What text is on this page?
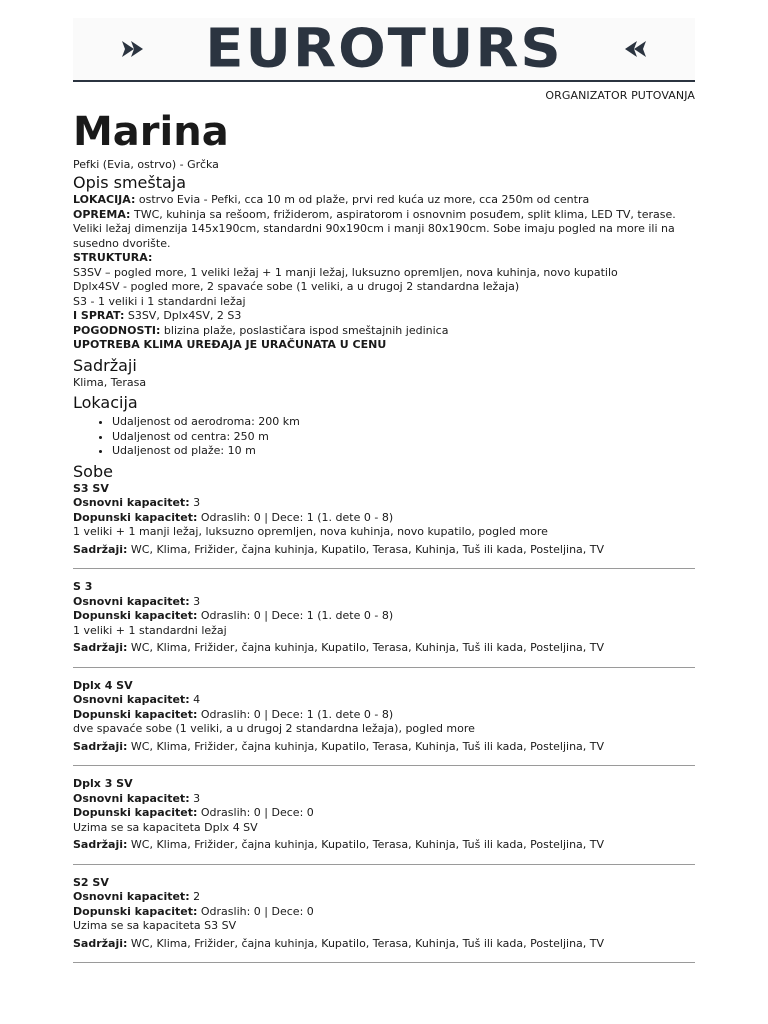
EUROTURS
ORGANIZATOR PUTOVANJA
Marina
Pefki (Evia, ostrvo) - Grčka
Opis smeštaja
LOKACIJA: ostrvo Evia - Pefki, cca 10 m od plaže, prvi red kuća uz more, cca 250m od centra
OPREMA: TWC, kuhinja sa rešoom, frižiderom, aspiratorom i osnovnim posuđem, split klima, LED TV, terase. Veliki ležaj dimenzija 145x190cm, standardni 90x190cm i manji 80x190cm. Sobe imaju pogled na more ili na susedno dvorište.
STRUKTURA:
S3SV – pogled more, 1 veliki ležaj + 1 manji ležaj, luksuzno opremljen, nova kuhinja, novo kupatilo
Dplx4SV - pogled more, 2 spavaće sobe (1 veliki, a u drugoj 2 standardna ležaja)
S3 - 1 veliki i 1 standardni ležaj
I SPRAT: S3SV, Dplx4SV, 2 S3
POGODNOSTI: blizina plaže, poslastičara ispod smeštajnih jedinica
UPOTREBA KLIMA UREĐAJA JE URAČUNATA U CENU
Sadržaji
Klima, Terasa
Lokacija
• Udaljenost od aerodroma: 200 km
• Udaljenost od centra: 250 m
• Udaljenost od plaže: 10 m
Sobe
S3 SV
Osnovni kapacitet: 3
Dopunski kapacitet: Odraslih: 0 | Dece: 1 (1. dete 0 - 8)
1 veliki + 1 manji ležaj, luksuzno opremljen, nova kuhinja, novo kupatilo, pogled more
Sadržaji: WC, Klima, Frižider, čajna kuhinja, Kupatilo, Terasa, Kuhinja, Tuš ili kada, Posteljina, TV
S 3
Osnovni kapacitet: 3
Dopunski kapacitet: Odraslih: 0 | Dece: 1 (1. dete 0 - 8)
1 veliki + 1 standardni ležaj
Sadržaji: WC, Klima, Frižider, čajna kuhinja, Kupatilo, Terasa, Kuhinja, Tuš ili kada, Posteljina, TV
Dplx 4 SV
Osnovni kapacitet: 4
Dopunski kapacitet: Odraslih: 0 | Dece: 1 (1. dete 0 - 8)
dve spavaće sobe (1 veliki, a u drugoj 2 standardna ležaja), pogled more
Sadržaji: WC, Klima, Frižider, čajna kuhinja, Kupatilo, Terasa, Kuhinja, Tuš ili kada, Posteljina, TV
Dplx 3 SV
Osnovni kapacitet: 3
Dopunski kapacitet: Odraslih: 0 | Dece: 0
Uzima se sa kapaciteta Dplx 4 SV
Sadržaji: WC, Klima, Frižider, čajna kuhinja, Kupatilo, Terasa, Kuhinja, Tuš ili kada, Posteljina, TV
S2 SV
Osnovni kapacitet: 2
Dopunski kapacitet: Odraslih: 0 | Dece: 0
Uzima se sa kapaciteta S3 SV
Sadržaji: WC, Klima, Frižider, čajna kuhinja, Kupatilo, Terasa, Kuhinja, Tuš ili kada, Posteljina, TV
